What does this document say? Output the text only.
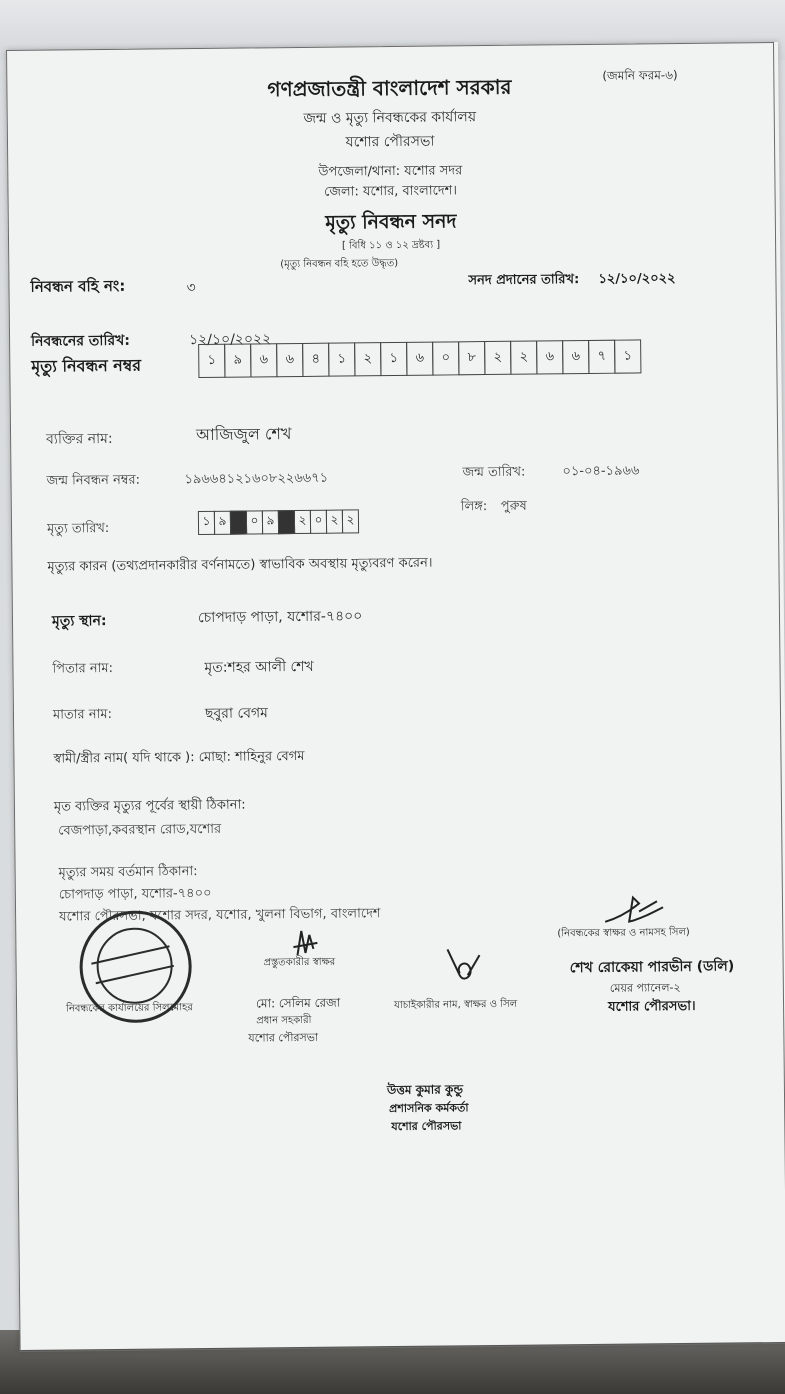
(জমনি ফরম-৬)
গণপ্রজাতন্ত্রী বাংলাদেশ সরকার
জন্ম ও মৃত্যু নিবন্ধকের কার্যালয়
যশোর পৌরসভা
উপজেলা/থানা: যশোর সদর
জেলা: যশোর, বাংলাদেশ।
মৃত্যু নিবন্ধন সনদ
[ বিধি ১১ ও ১২ দ্রষ্টব্য ]
(মৃত্যু নিবন্ধন বহি হতে উদ্ধৃত)
নিবন্ধন বহি নং:	৩	সনদ প্রদানের তারিখ: ১২/১০/২০২২
নিবন্ধনের তারিখ:	১২/১০/২০২২
মৃত্যু নিবন্ধন নম্বর	১	৯	৬	৬	৪	১	২	১	৬	০	৮	২	২	৬	৬	৭	১
ব্যক্তির নাম:	আজিজুল শেখ
জন্ম নিবন্ধন নম্বর:	১৯৬৬৪১২১৬০৮২২৬৬৭১	জন্ম তারিখ:	০১-০৪-১৯৬৬
লিঙ্গ: পুরুষ
মৃত্যু তারিখ:
১ ৯	০ ৯	২ ০ ২ ২
মৃত্যুর কারন (তথ্যপ্রদানকারীর বর্ণনামতে) স্বাভাবিক অবস্থায় মৃত্যুবরণ করেন।
মৃত্যু স্থান:	চোপদাড় পাড়া, যশোর-৭৪০০
পিতার নাম:	মৃত:শহর আলী শেখ
মাতার নাম:	ছবুরা বেগম
স্বামী/স্ত্রীর নাম( যদি থাকে ): মোছা: শাহিনুর বেগম
মৃত ব্যক্তির মৃত্যুর পূর্বের স্থায়ী ঠিকানা:
বেজপাড়া,কবরস্থান রোড,যশোর
মৃত্যুর সময় বর্তমান ঠিকানা:
চোপদাড় পাড়া, যশোর-৭৪০০
যশোর পৌরসভা, যশোর সদর, যশোর, খুলনা বিভাগ, বাংলাদেশ
(নিবন্ধকের স্বাক্ষর ও নামসহ সিল)
প্রস্তুতকারীর স্বাক্ষর	শেখ রোকেয়া পারভীন (ডলি)
মেয়র প্যানেল-২
যশোর পৌরসভা।
নিবন্ধকের কার্যালয়ের সিলমোহর	মো: সেলিম রেজা
প্রধান সহকারী
যশোর পৌরসভা
যাচাইকারীর নাম, স্বাক্ষর ও সিল
উত্তম কুমার কুন্ডু
প্রশাসনিক কর্মকর্তা
যশোর পৌরসভা
